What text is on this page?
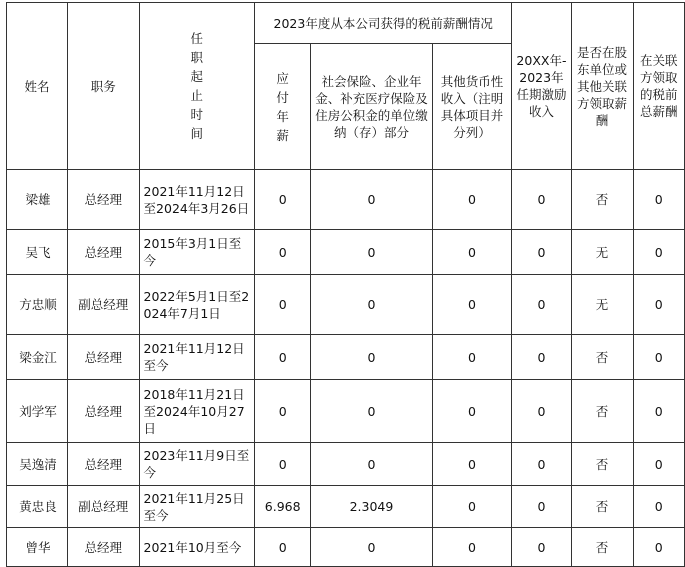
姓名	职务	任职起止时间	2023年度从本公司获得的税前薪酬情况			20XX年-2023年任期激励收入	是否在股东单位或其他关联方领取薪酬	在关联方领取的税前总薪酬

			应付年薪	社会保险、企业年金、补充医疗保险及住房公积金的单位缴纳（存）部分	其他货币性收入（注明具体项目并分列）			
梁雄	总经理	2021年11月12日至2024年3月26日	0	0	0	0	否	0
吴飞	总经理	2015年3月1日至今	0	0	0	0	无	0
方忠顺	副总经理	2022年5月1日至2024年7月1日	0	0	0	0	无	0
梁金江	总经理	2021年11月12日至今	0	0	0	0	否	0
刘学军	总经理	2018年11月21日至2024年10月27日	0	0	0	0	否	0
吴逸清	总经理	2023年11月9日至今	0	0	0	0	否	0
黄忠良	副总经理	2021年11月25日至今	6.968	2.3049	0	0	否	0
曾华	总经理	2021年10月至今	0	0	0	0	否	0
